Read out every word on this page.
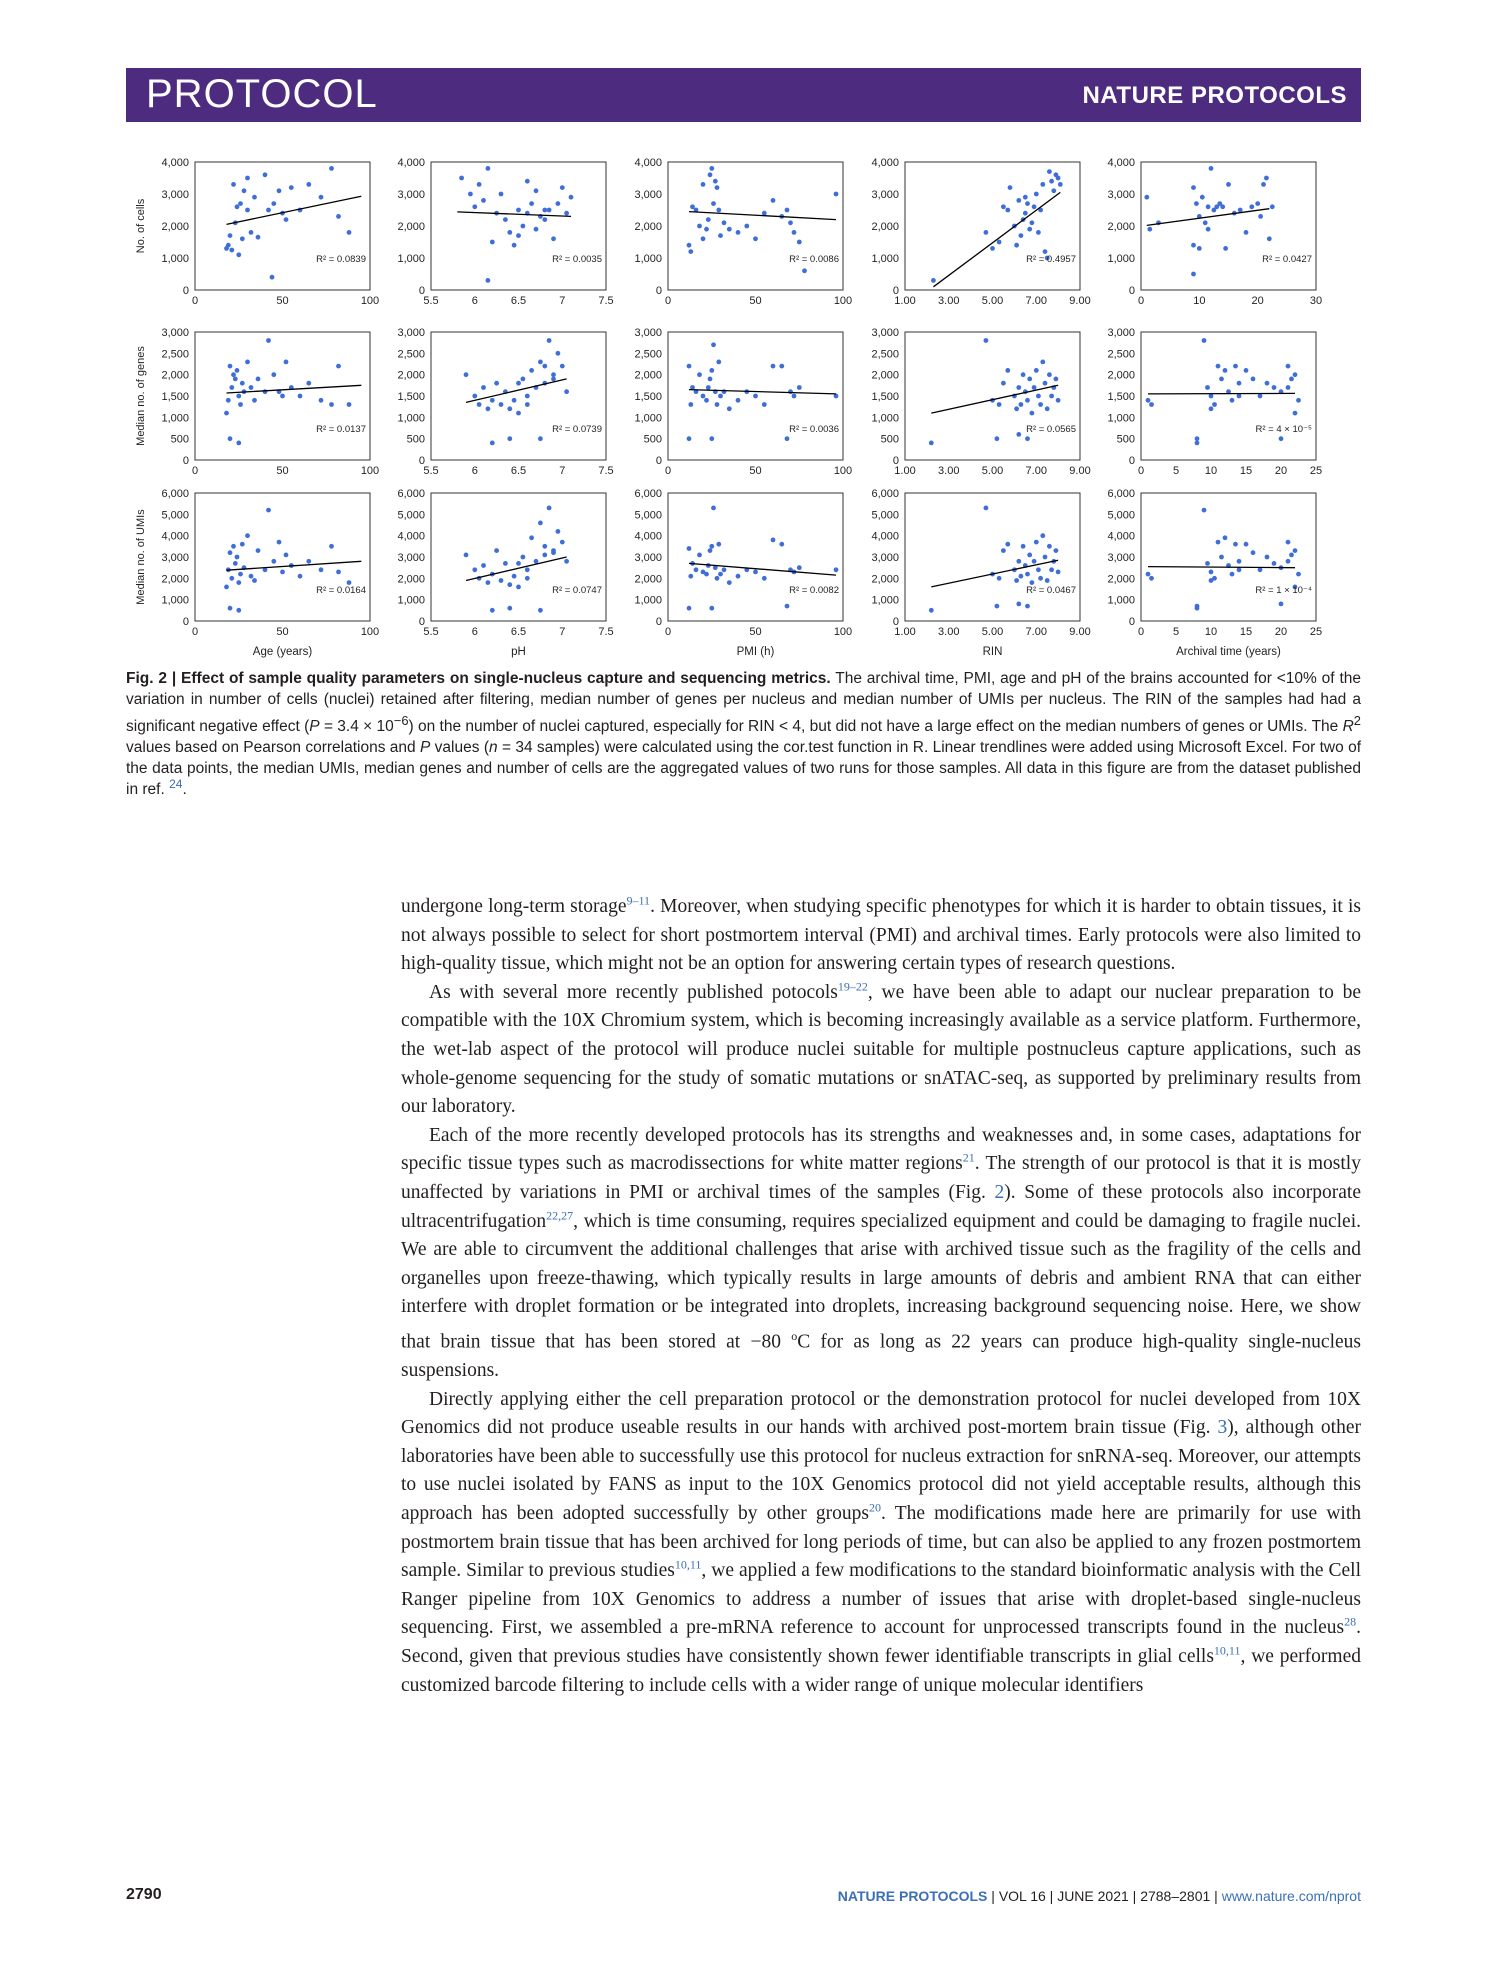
PROTOCOL	NATURE PROTOCOLS
0
1,000
2,000
3,000
4,000
0	50	100
R² = 0.0839
No. of cells
0
1,000
2,000
3,000
4,000
5.5	6	6.5	7	7.5
R² = 0.0035
0
1,000
2,000
3,000
4,000
0	50	100
R² = 0.0086
0
1,000
2,000
3,000
4,000
1.00 3.00 5.00 7.00 9.00
R² = 0.4957
0
1,000
2,000
3,000
4,000
0	10	20	30
R² = 0.0427
0
500
1,000
1,500
2,000
2,500
3,000
0	50	100
R² = 0.0137
Median no. of genes
0
500
1,000
1,500
2,000
2,500
3,000
5.5	6	6.5	7	7.5
R² = 0.0739
0
500
1,000
1,500
2,000
2,500
3,000
0	50	100
R² = 0.0036
0
500
1,000
1,500
2,000
2,500
3,000
1.00 3.00 5.00 7.00 9.00
R² = 0.0565
0
500
1,000
1,500
2,000
2,500
3,000
0	5 10 15 20 25
R² = 4 × 10⁻⁵
0
1,000
2,000
3,000
4,000
5,000
6,000
0	50	100
R² = 0.0164
Median no. of UMIs
Age (years)
0
1,000
2,000
3,000
4,000
5,000
6,000
5.5	6	6.5	7	7.5
R² = 0.0747
pH
0
1,000
2,000
3,000
4,000
5,000
6,000
0	50	100
R² = 0.0082
PMI (h)
0
1,000
2,000
3,000
4,000
5,000
6,000
1.00 3.00 5.00 7.00 9.00
R² = 0.0467
RIN
0
1,000
2,000
3,000
4,000
5,000
6,000
0	5 10 15 20 25
R² = 1 × 10⁻⁴
Archival time (years)
Fig. 2 | Effect of sample quality parameters on single-nucleus capture and sequencing metrics. The archival time, PMI, age and pH of the brains accounted for <10% of the variation in number of cells (nuclei) retained after filtering, median number of genes per nucleus and median number of UMIs per nucleus. The RIN of the samples had had a significant negative effect $(P = 3.4 \times 10^{-6})$ on the number of nuclei captured, especially for RIN < 4, but did not have a large effect on the median numbers of genes or UMIs. The $R^2$ values based on Pearson correlations and P values (n = 34 samples) were calculated using the cor.test function in R. Linear trendlines were added using Microsoft Excel. For two of the data points, the median UMIs, median genes and number of cells are the aggregated values of two runs for those samples. All data in this figure are from the dataset published in ref. $^{24}$.

undergone long-term storage$^{9-11}$. Moreover, when studying specific phenotypes for which it is harder to obtain tissues, it is not always possible to select for short postmortem interval (PMI) and archival times. Early protocols were also limited to high-quality tissue, which might not be an option for answering certain types of research questions.

As with several more recently published potocols$^{19-22}$, we have been able to adapt our nuclear preparation to be compatible with the 10X Chromium system, which is becoming increasingly available as a service platform. Furthermore, the wet-lab aspect of the protocol will produce nuclei suitable for multiple postnucleus capture applications, such as whole-genome sequencing for the study of somatic mutations or snATAC-seq, as supported by preliminary results from our laboratory.

Each of the more recently developed protocols has its strengths and weaknesses and, in some cases, adaptations for specific tissue types such as macrodissections for white matter regions$^{21}$. The strength of our protocol is that it is mostly unaffected by variations in PMI or archival times of the samples (Fig. 2). Some of these protocols also incorporate ultracentrifugation$^{22,27}$, which is time consuming, requires specialized equipment and could be damaging to fragile nuclei. We are able to circumvent the additional challenges that arise with archived tissue such as the fragility of the cells and organelles upon freeze-thawing, which typically results in large amounts of debris and ambient RNA that can either interfere with droplet formation or be integrated into droplets, increasing background sequencing noise. Here, we show that brain tissue that has been stored at −80 $^o$C for as long as 22 years can produce high-quality single-nucleus suspensions.

Directly applying either the cell preparation protocol or the demonstration protocol for nuclei developed from 10X Genomics did not produce useable results in our hands with archived post-mortem brain tissue (Fig. 3), although other laboratories have been able to successfully use this protocol for nucleus extraction for snRNA-seq. Moreover, our attempts to use nuclei isolated by FANS as input to the 10X Genomics protocol did not yield acceptable results, although this approach has been adopted successfully by other groups$^{20}$. The modifications made here are primarily for use with postmortem brain tissue that has been archived for long periods of time, but can also be applied to any frozen postmortem sample. Similar to previous studies$^{10,11}$, we applied a few modifications to the standard bioinformatic analysis with the Cell Ranger pipeline from 10X Genomics to address a number of issues that arise with droplet-based single-nucleus sequencing. First, we assembled a pre-mRNA reference to account for unprocessed transcripts found in the nucleus$^{28}$. Second, given that previous studies have consistently shown fewer identifiable transcripts in glial cells$^{10,11}$, we performed customized barcode filtering to include cells with a wider range of unique molecular identifiers

2790	NATURE PROTOCOLS | VOL 16 | JUNE 2021 | 2788–2801 | www.nature.com/nprot
